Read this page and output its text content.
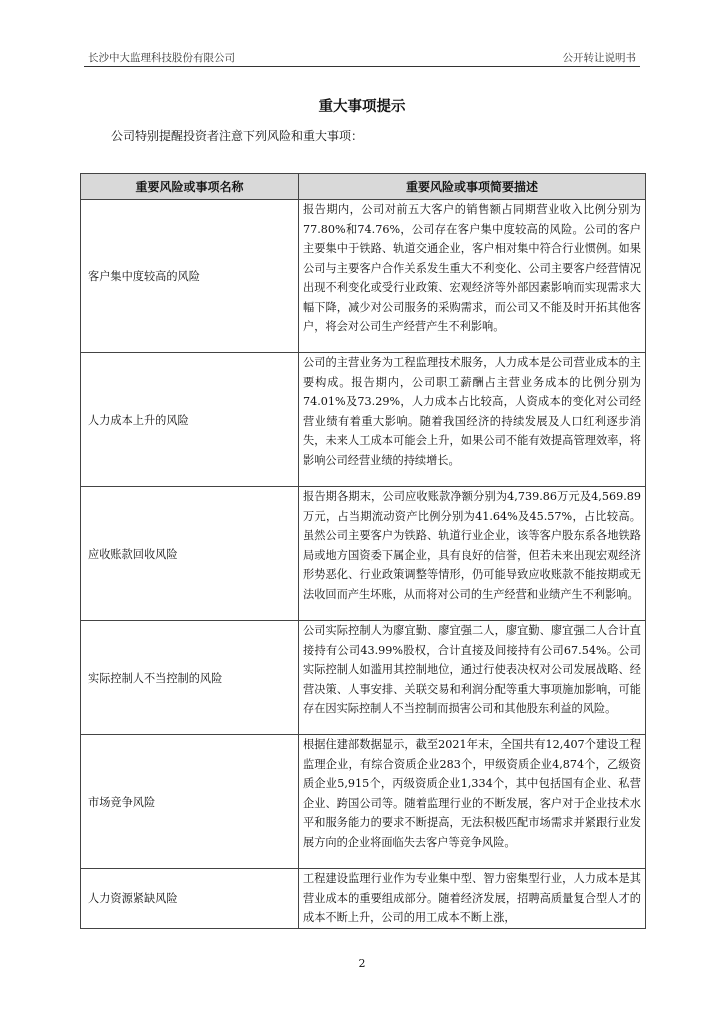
长沙中大监理科技股份有限公司	公开转让说明书
重大事项提示
公司特别提醒投资者注意下列风险和重大事项：
重要风险或事项名称	重要风险或事项简要描述
客户集中度较高的风险	报告期内，公司对前五大客户的销售额占同期营业收入比例分别为77.80%和74.76%，公司存在客户集中度较高的风险。公司的客户主要集中于铁路、轨道交通企业，客户相对集中符合行业惯例。如果公司与主要客户合作关系发生重大不利变化、公司主要客户经营情况出现不利变化或受行业政策、宏观经济等外部因素影响而实现需求大幅下降，减少对公司服务的采购需求，而公司又不能及时开拓其他客户，将会对公司生产经营产生不利影响。
人力成本上升的风险	公司的主营业务为工程监理技术服务，人力成本是公司营业成本的主要构成。报告期内，公司职工薪酬占主营业务成本的比例分别为74.01%及73.29%，人力成本占比较高，人资成本的变化对公司经营业绩有着重大影响。随着我国经济的持续发展及人口红利逐步消失，未来人工成本可能会上升，如果公司不能有效提高管理效率，将影响公司经营业绩的持续增长。
应收账款回收风险	报告期各期末，公司应收账款净额分别为4,739.86万元及4,569.89万元，占当期流动资产比例分别为41.64%及45.57%，占比较高。虽然公司主要客户为铁路、轨道行业企业，该等客户股东系各地铁路局或地方国资委下属企业，具有良好的信誉，但若未来出现宏观经济形势恶化、行业政策调整等情形，仍可能导致应收账款不能按期或无法收回而产生坏账，从而将对公司的生产经营和业绩产生不利影响。
实际控制人不当控制的风险	公司实际控制人为廖宜勤、廖宜强二人，廖宜勤、廖宜强二人合计直接持有公司43.99%股权，合计直接及间接持有公司67.54%。公司实际控制人如滥用其控制地位，通过行使表决权对公司发展战略、经营决策、人事安排、关联交易和利润分配等重大事项施加影响，可能存在因实际控制人不当控制而损害公司和其他股东利益的风险。
市场竞争风险	根据住建部数据显示，截至2021年末，全国共有12,407个建设工程监理企业，有综合资质企业283个，甲级资质企业4,874个，乙级资质企业5,915个，丙级资质企业1,334个，其中包括国有企业、私营企业、跨国公司等。随着监理行业的不断发展，客户对于企业技术水平和服务能力的要求不断提高，无法积极匹配市场需求并紧跟行业发展方向的企业将面临失去客户等竞争风险。
人力资源紧缺风险	工程建设监理行业作为专业集中型、智力密集型行业，人力成本是其营业成本的重要组成部分。随着经济发展，招聘高质量复合型人才的成本不断上升，公司的用工成本不断上涨，
2
